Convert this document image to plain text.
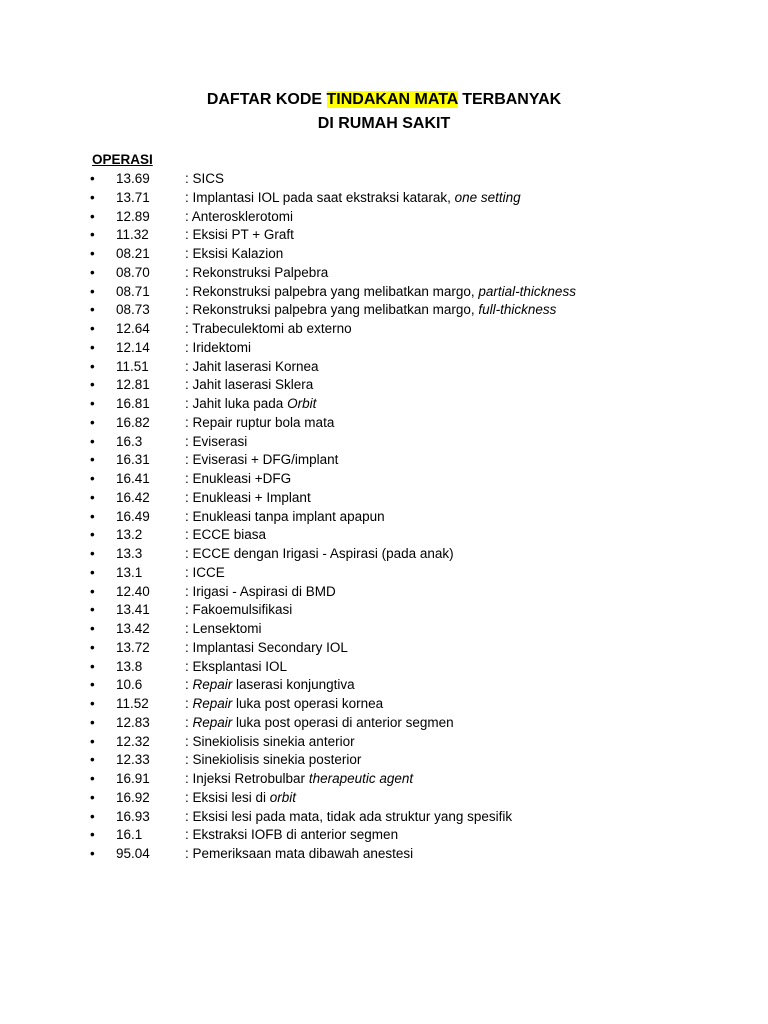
DAFTAR KODE TINDAKAN MATA TERBANYAK
DI RUMAH SAKIT
OPERASI
• 13.69	: SICS
• 13.71	: Implantasi IOL pada saat ekstraksi katarak, one setting
• 12.89	: Anterosklerotomi
• 11.32	: Eksisi PT + Graft
• 08.21	: Eksisi Kalazion
• 08.70	: Rekonstruksi Palpebra
• 08.71	: Rekonstruksi palpebra yang melibatkan margo, partial-thickness
• 08.73	: Rekonstruksi palpebra yang melibatkan margo, full-thickness
• 12.64	: Trabeculektomi ab externo
• 12.14	: Iridektomi
• 11.51	: Jahit laserasi Kornea
• 12.81	: Jahit laserasi Sklera
• 16.81	: Jahit luka pada Orbit
• 16.82	: Repair ruptur bola mata
• 16.3	: Eviserasi
• 16.31	: Eviserasi + DFG/implant
• 16.41	: Enukleasi +DFG
• 16.42	: Enukleasi + Implant
• 16.49	: Enukleasi tanpa implant apapun
• 13.2	: ECCE biasa
• 13.3	: ECCE dengan Irigasi - Aspirasi (pada anak)
• 13.1	: ICCE
• 12.40	: Irigasi - Aspirasi di BMD
• 13.41	: Fakoemulsifikasi
• 13.42	: Lensektomi
• 13.72	: Implantasi Secondary IOL
• 13.8	: Eksplantasi IOL
• 10.6	: Repair laserasi konjungtiva
• 11.52	: Repair luka post operasi kornea
• 12.83	: Repair luka post operasi di anterior segmen
• 12.32	: Sinekiolisis sinekia anterior
• 12.33	: Sinekiolisis sinekia posterior
• 16.91	: Injeksi Retrobulbar therapeutic agent
• 16.92	: Eksisi lesi di orbit
• 16.93	: Eksisi lesi pada mata, tidak ada struktur yang spesifik
• 16.1	: Ekstraksi IOFB di anterior segmen
• 95.04	: Pemeriksaan mata dibawah anestesi
